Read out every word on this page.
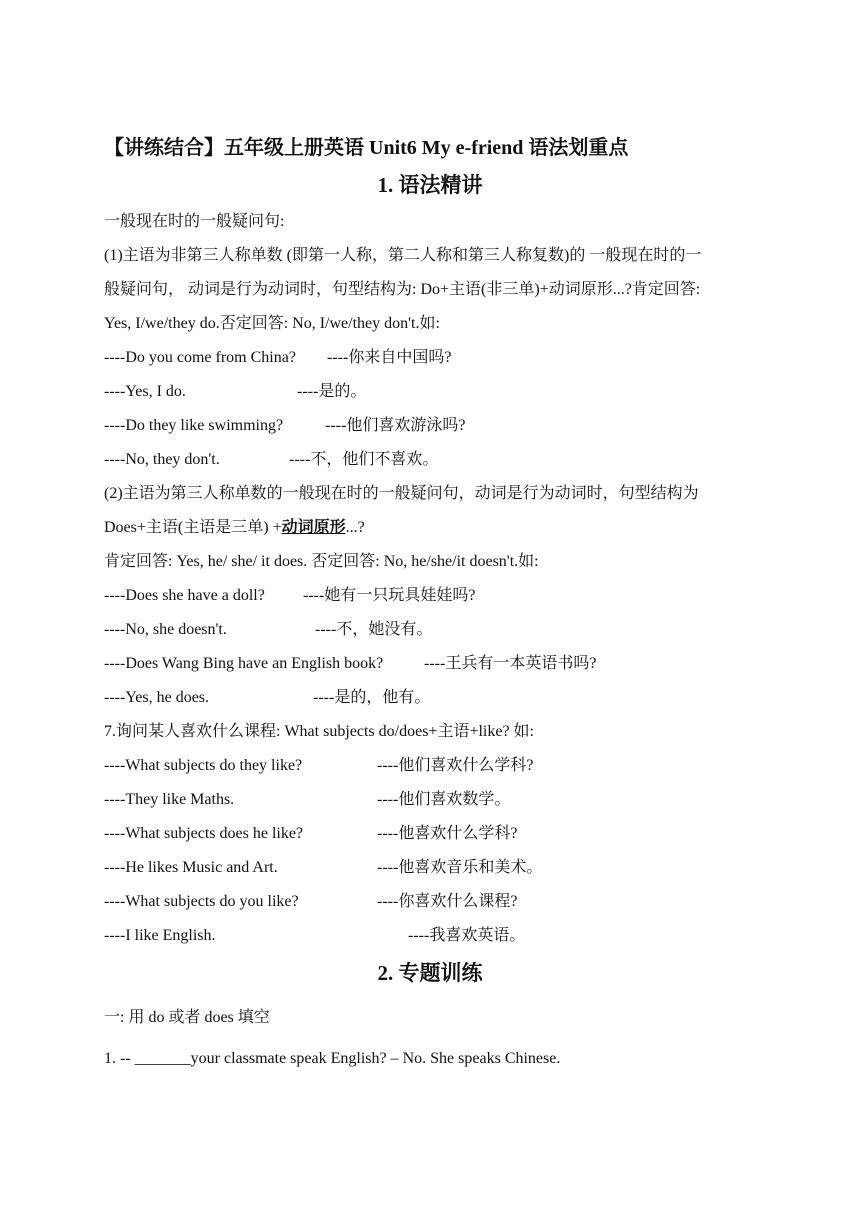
【讲练结合】五年级上册英语 Unit6 My e-friend 语法划重点
1. 语法精讲
一般现在时的一般疑问句:
(1)主语为非第三人称单数 (即第一人称，第二人称和第三人称复数)的 一般现在时的一
般疑问句， 动词是行为动词时，句型结构为: Do+主语(非三单)+动词原形...?肯定回答:
Yes, I/we/they do.否定回答: No, I/we/they don't.如:
----Do you come from China? ----你来自中国吗?
----Yes, I do.	----是的。
----Do they like swimming?	----他们喜欢游泳吗?
----No, they don't.	----不，他们不喜欢。
(2)主语为第三人称单数的一般现在时的一般疑问句，动词是行为动词时，句型结构为
Does+主语(主语是三单) +动词原形...?
肯定回答: Yes, he/ she/ it does. 否定回答: No, he/she/it doesn't.如:
----Does she have a doll? ----她有一只玩具娃娃吗?
----No, she doesn't.	----不，她没有。
----Does Wang Bing have an English book?	----王兵有一本英语书吗?
----Yes, he does.	----是的，他有。
7.询问某人喜欢什么课程: What subjects do/does+主语+like? 如:
----What subjects do they like?	----他们喜欢什么学科?
----They like Maths.	----他们喜欢数学。
----What subjects does he like?	----他喜欢什么学科?
----He likes Music and Art.	----他喜欢音乐和美术。
----What subjects do you like?	----你喜欢什么课程?
----I like English.	----我喜欢英语。
2. 专题训练
一: 用 do 或者 does 填空
1. -- _______your classmate speak English? – No. She speaks Chinese.
